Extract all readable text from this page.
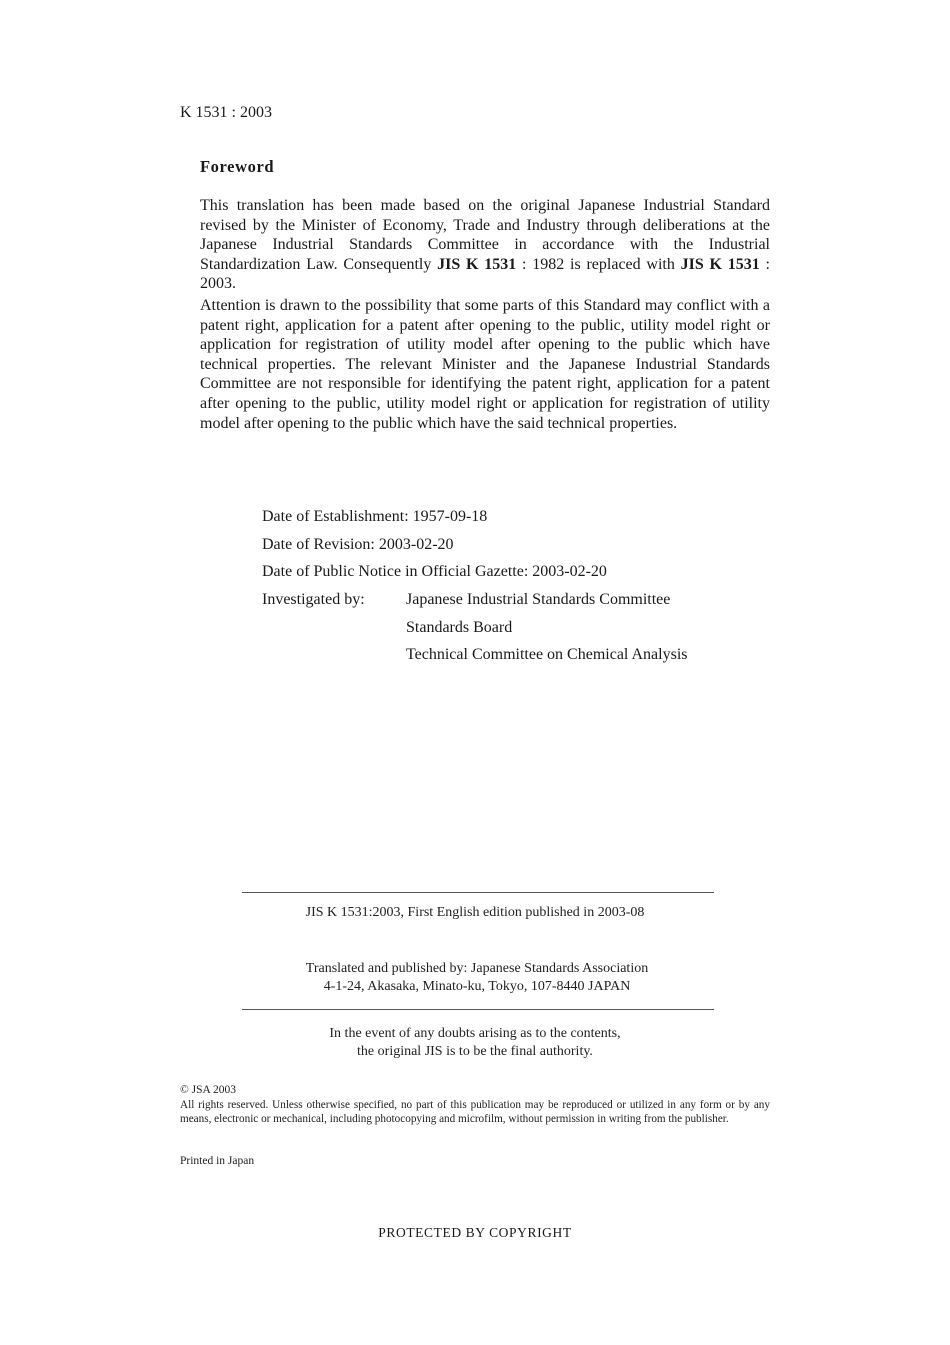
K 1531 : 2003
Foreword
This translation has been made based on the original Japanese Industrial Standard revised by the Minister of Economy, Trade and Industry through deliberations at the Japanese Industrial Standards Committee in accordance with the Industrial Standardization Law. Consequently JIS K 1531 : 1982 is replaced with JIS K 1531 : 2003.
Attention is drawn to the possibility that some parts of this Standard may conflict with a patent right, application for a patent after opening to the public, utility model right or application for registration of utility model after opening to the public which have technical properties. The relevant Minister and the Japanese Industrial Standards Committee are not responsible for identifying the patent right, application for a patent after opening to the public, utility model right or application for registration of utility model after opening to the public which have the said technical properties.
Date of Establishment: 1957-09-18
Date of Revision: 2003-02-20
Date of Public Notice in Official Gazette: 2003-02-20
Investigated by:	Japanese Industrial Standards Committee
Standards Board
Technical Committee on Chemical Analysis
JIS K 1531:2003, First English edition published in 2003-08
Translated and published by: Japanese Standards Association
4-1-24, Akasaka, Minato-ku, Tokyo, 107-8440 JAPAN
In the event of any doubts arising as to the contents,
the original JIS is to be the final authority.
© JSA 2003
All rights reserved. Unless otherwise specified, no part of this publication may be reproduced or utilized in any form or by any means, electronic or mechanical, including photocopying and microfilm, without permission in writing from the publisher.
Printed in Japan
PROTECTED BY COPYRIGHT
